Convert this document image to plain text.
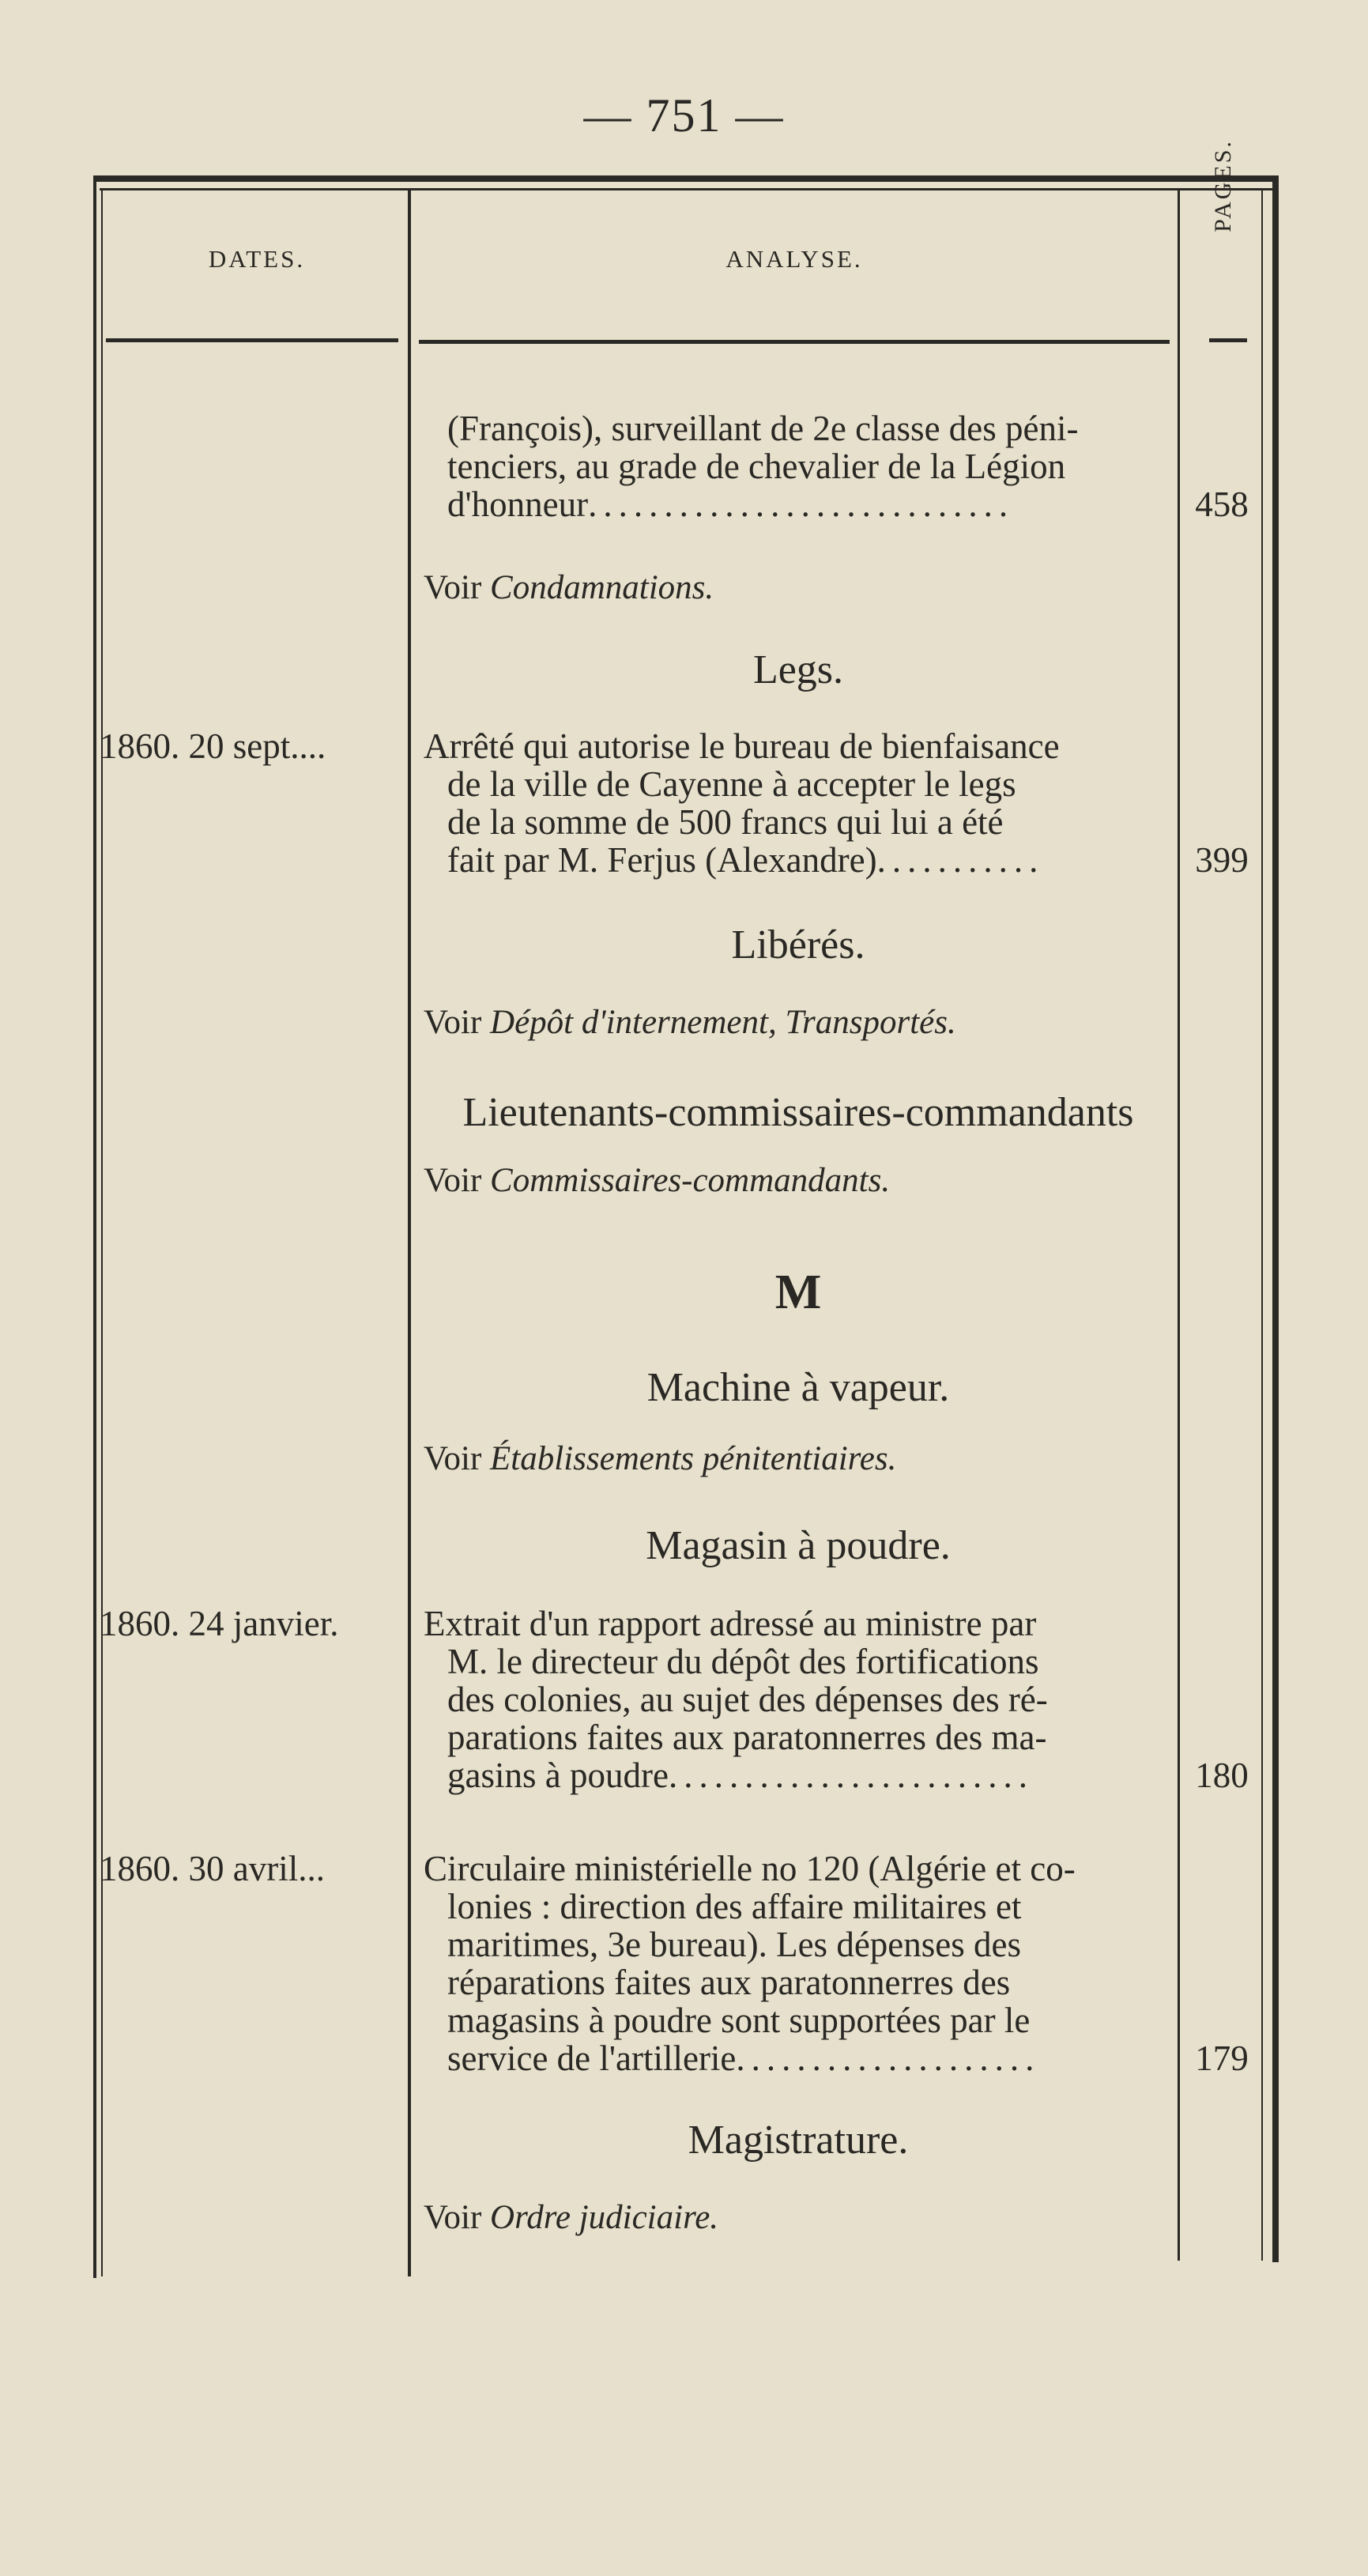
— 751 —
DATES.	ANALYSE.
PAGES.
(François), surveillant de 2e classe des péni-
tenciers, au grade de chevalier de la Légion
d'honneur............................	458
Voir Condamnations.
Legs.
1860. 20 sept....	Arrêté qui autorise le bureau de bienfaisance
de la ville de Cayenne à accepter le legs
de la somme de 500 francs qui lui a été
fait par M. Ferjus (Alexandre)...........	399
Libérés.
Voir Dépôt d'internement, Transportés.
Lieutenants-commissaires-commandants
Voir Commissaires-commandants.
M
Machine à vapeur.
Voir Établissements pénitentiaires.
Magasin à poudre.
1860. 24 janvier. Extrait d'un rapport adressé au ministre par
M. le directeur du dépôt des fortifications
des colonies, au sujet des dépenses des ré-
parations faites aux paratonnerres des ma-
gasins à poudre........................	180
1860. 30 avril...	Circulaire ministérielle no 120 (Algérie et co-
lonies : direction des affaire militaires et
maritimes, 3e bureau). Les dépenses des
réparations faites aux paratonnerres des
magasins à poudre sont supportées par le
service de l'artillerie....................	179
Magistrature.
Voir Ordre judiciaire.
